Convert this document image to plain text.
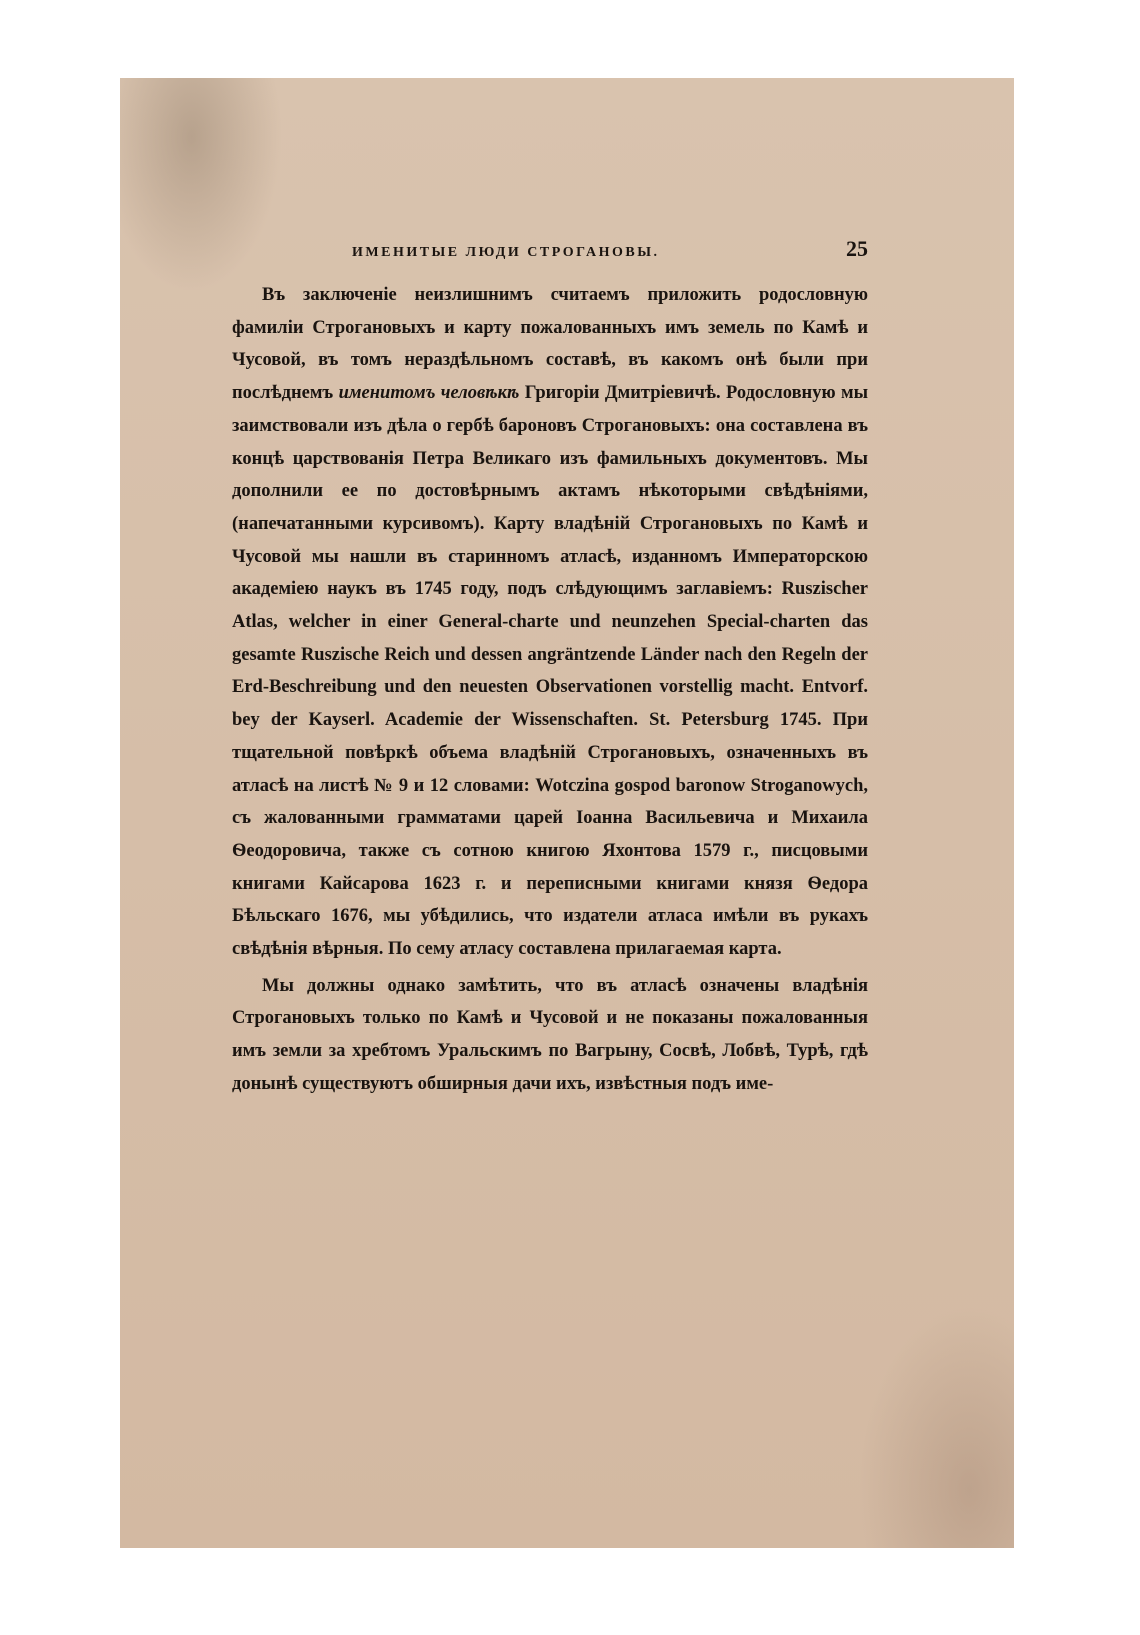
ИМЕНИТЫЕ ЛЮДИ СТРОГАНОВЫ.	25

Въ заключеніе неизлишнимъ считаемъ приложить родословную фамиліи Строгановыхъ и карту пожалованныхъ имъ земель по Камѣ и Чусовой, въ томъ нераздѣльномъ составѣ, въ какомъ онѣ были при послѣднемъ именитомъ человѣкѣ Григоріи Дмитріевичѣ. Родословную мы заимствовали изъ дѣла о гербѣ бароновъ Строгановыхъ: она составлена въ концѣ царствованія Петра Великаго изъ фамильныхъ документовъ. Мы дополнили ее по достовѣрнымъ актамъ нѣкоторыми свѣдѣніями, (напечатанными курсивомъ). Карту владѣній Строгановыхъ по Камѣ и Чусовой мы нашли въ старинномъ атласѣ, изданномъ Императорскою академіею наукъ въ 1745 году, подъ слѣдующимъ заглавіемъ: Ruszischer Atlas, welcher in einer General-charte und neunzehen Special-charten das gesamte Ruszische Reich und dessen angräntzende Länder nach den Regeln der Erd-Beschreibung und den neuesten Observationen vorstellig macht. Entvorf. bey der Kayserl. Academie der Wissenschaften. St. Petersburg 1745. При тщательной повѣркѣ объема владѣній Строгановыхъ, означенныхъ въ атласѣ на листѣ № 9 и 12 словами: Wotczina gospod baronow Stroganowych, съ жалованными грамматами царей Іоанна Васильевича и Михаила Ѳеодоровича, также съ сотною книгою Яхонтова 1579 г., писцовыми книгами Кайсарова 1623 г. и переписными книгами князя Ѳедора Бѣльскаго 1676, мы убѣдились, что издатели атласа имѣли въ рукахъ свѣдѣнія вѣрныя. По сему атласу составлена прилагаемая карта.

Мы должны однако замѣтить, что въ атласѣ означены владѣнія Строгановыхъ только по Камѣ и Чусовой и не показаны пожалованныя имъ земли за хребтомъ Уральскимъ по Вагрыну, Сосвѣ, Лобвѣ, Турѣ, гдѣ донынѣ существуютъ обширныя дачи ихъ, извѣстныя подъ име-
